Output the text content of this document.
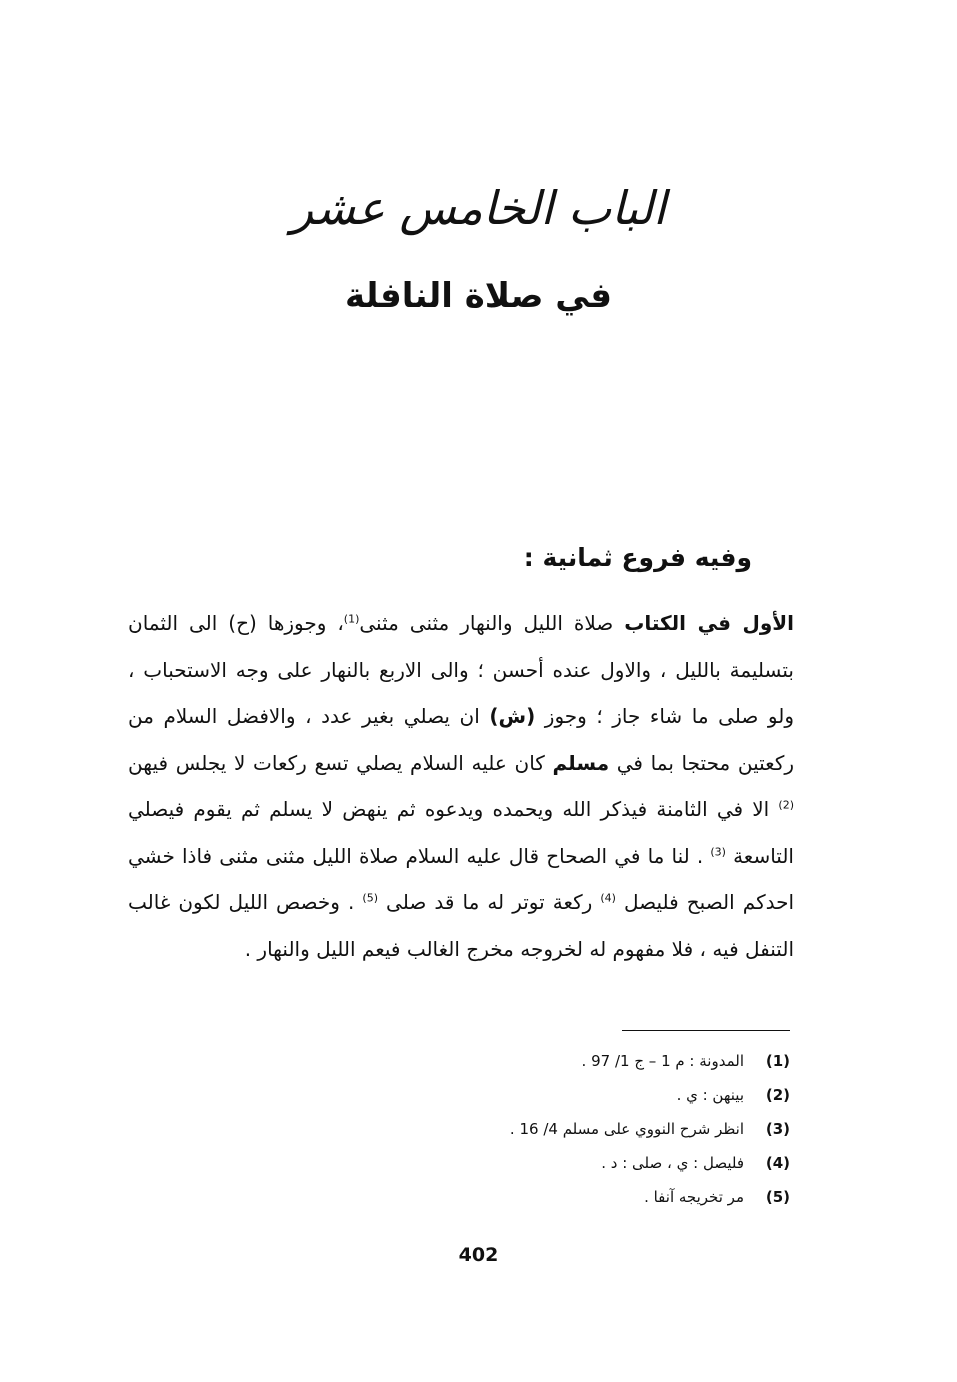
الباب الخامس عشر
في صلاة النافلة
وفيه فروع ثمانية :

الأول في الكتاب صلاة الليل والنهار مثنى مثنى$^{(1)}$، وجوزها (ح) الى الثمان بتسليمة بالليل ، والاول عنده أحسن ؛ والى الاربع بالنهار على وجه الاستحباب ، ولو صلى ما شاء جاز ؛ وجوز (ش) ان يصلي بغير عدد ، والافضل السلام من ركعتين محتجا بما في مسلم كان عليه السلام يصلي تسع ركعات لا يجلس فيهن $^{(2)}$ الا في الثامنة فيذكر الله ويحمده ويدعوه ثم ينهض لا يسلم ثم يقوم فيصلي التاسعة $^{(3)}$ . لنا ما في الصحاح قال عليه السلام صلاة الليل مثنى مثنى فاذا خشي احدكم الصبح فليصل $^{(4)}$ ركعة توتر له ما قد صلى $^{(5)}$ . وخصص الليل لكون غالب التنفل فيه ، فلا مفهوم له لخروجه مخرج الغالب فيعم الليل والنهار .

(1)
المدونة : م 1 – ج 1/ 97 .
(2)
بينهن : ي .
(3)
انظر شرح النووي على مسلم 4/ 16 .
(4)
فليصل : ي ، صلى : د .
(5)
مر تخريجه آنفا .
402
